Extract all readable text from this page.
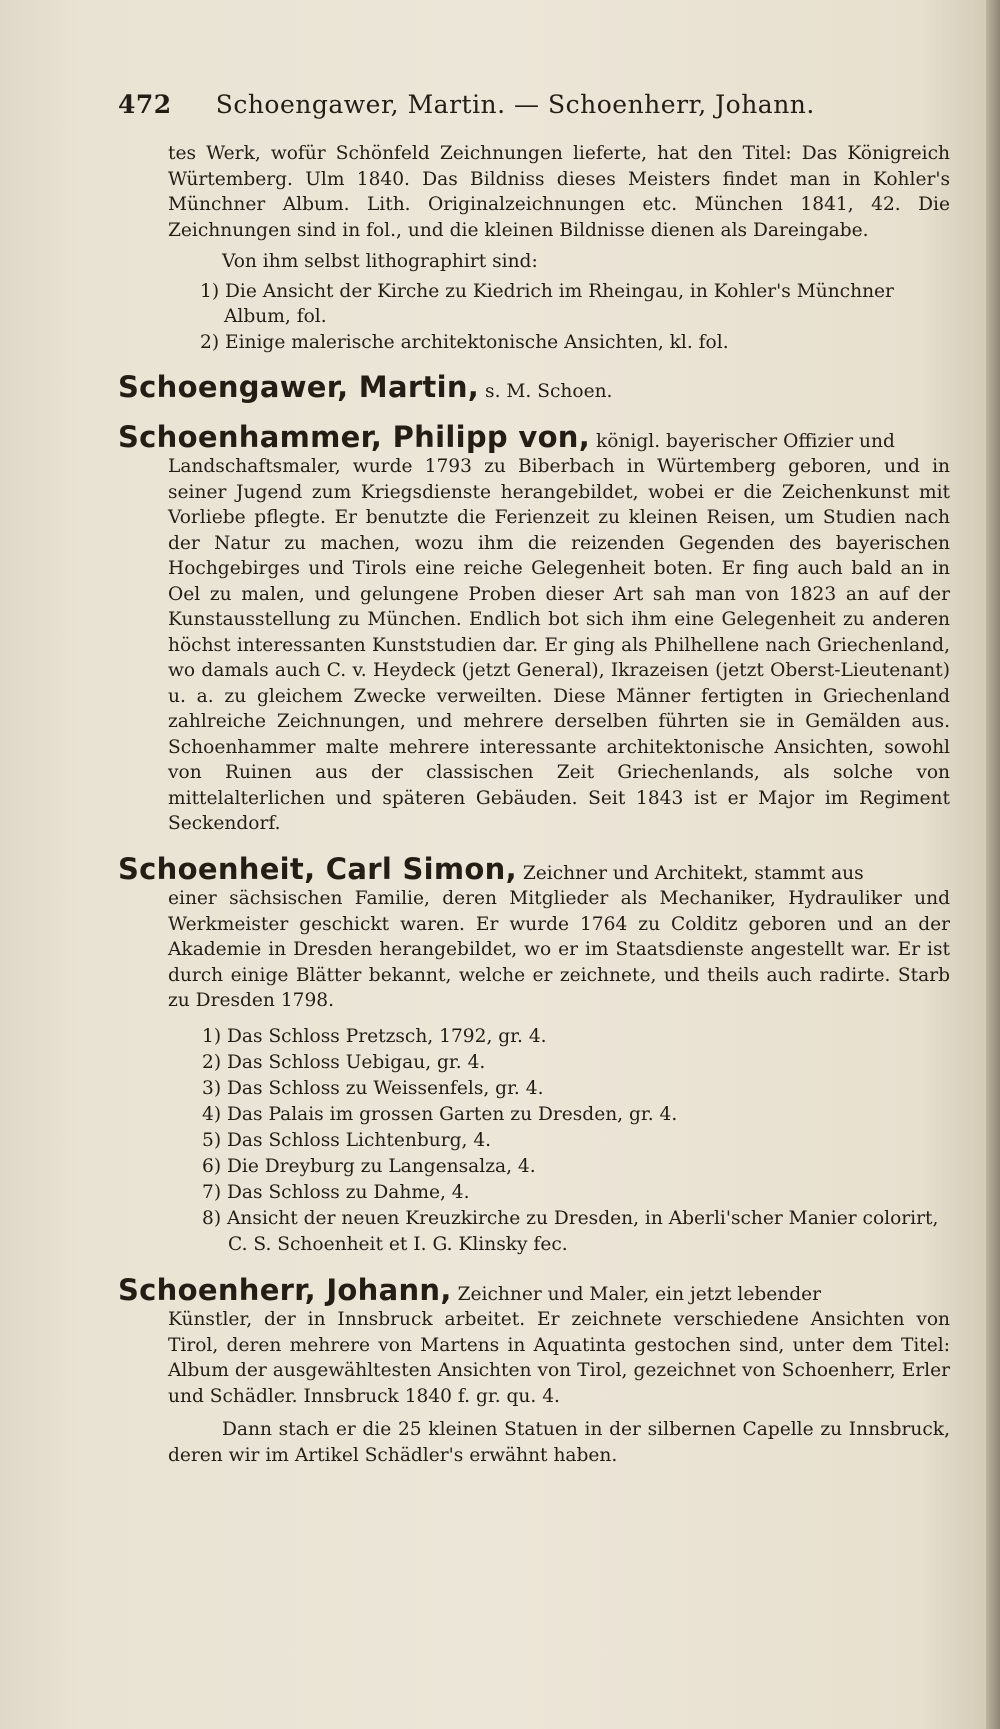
472 Schoengawer, Martin. — Schoenherr, Johann.

tes Werk, wofür Schönfeld Zeichnungen lieferte, hat den Titel: Das Königreich Würtemberg. Ulm 1840. Das Bildniss dieses Meisters findet man in Kohler's Münchner Album. Lith. Originalzeichnungen etc. München 1841, 42. Die Zeichnungen sind in fol., und die kleinen Bildnisse dienen als Dareingabe.

Von ihm selbst lithographirt sind:

1) Die Ansicht der Kirche zu Kiedrich im Rheingau, in Kohler's Münchner Album, fol.
2) Einige malerische architektonische Ansichten, kl. fol.
Schoengawer, Martin, s. M. Schoen.
Schoenhammer, Philipp von, königl. bayerischer Offizier und
Landschaftsmaler, wurde 1793 zu Biberbach in Würtemberg geboren, und in seiner Jugend zum Kriegsdienste herangebildet, wobei er die Zeichenkunst mit Vorliebe pflegte. Er benutzte die Ferienzeit zu kleinen Reisen, um Studien nach der Natur zu machen, wozu ihm die reizenden Gegenden des bayerischen Hochgebirges und Tirols eine reiche Gelegenheit boten. Er fing auch bald an in Oel zu malen, und gelungene Proben dieser Art sah man von 1823 an auf der Kunstausstellung zu München. Endlich bot sich ihm eine Gelegenheit zu anderen höchst interessanten Kunststudien dar. Er ging als Philhellene nach Griechenland, wo damals auch C. v. Heydeck (jetzt General), Ikrazeisen (jetzt Oberst-Lieutenant) u. a. zu gleichem Zwecke verweilten. Diese Männer fertigten in Griechenland zahlreiche Zeichnungen, und mehrere derselben führten sie in Gemälden aus. Schoenhammer malte mehrere interessante architektonische Ansichten, sowohl von Ruinen aus der classischen Zeit Griechenlands, als solche von mittelalterlichen und späteren Gebäuden. Seit 1843 ist er Major im Regiment Seckendorf.
Schoenheit, Carl Simon, Zeichner und Architekt, stammt aus
einer sächsischen Familie, deren Mitglieder als Mechaniker, Hydrauliker und Werkmeister geschickt waren. Er wurde 1764 zu Colditz geboren und an der Akademie in Dresden herangebildet, wo er im Staatsdienste angestellt war. Er ist durch einige Blätter bekannt, welche er zeichnete, und theils auch radirte. Starb zu Dresden 1798.
1) Das Schloss Pretzsch, 1792, gr. 4.
2) Das Schloss Uebigau, gr. 4.
3) Das Schloss zu Weissenfels, gr. 4.
4) Das Palais im grossen Garten zu Dresden, gr. 4.
5) Das Schloss Lichtenburg, 4.
6) Die Dreyburg zu Langensalza, 4.
7) Das Schloss zu Dahme, 4.
8) Ansicht der neuen Kreuzkirche zu Dresden, in Aberli'scher Manier colorirt, C. S. Schoenheit et I. G. Klinsky fec.
Schoenherr, Johann, Zeichner und Maler, ein jetzt lebender
Künstler, der in Innsbruck arbeitet. Er zeichnete verschiedene Ansichten von Tirol, deren mehrere von Martens in Aquatinta gestochen sind, unter dem Titel: Album der ausgewähltesten Ansichten von Tirol, gezeichnet von Schoenherr, Erler und Schädler. Innsbruck 1840 f. gr. qu. 4.

Dann stach er die 25 kleinen Statuen in der silbernen Capelle zu Innsbruck, deren wir im Artikel Schädler's erwähnt haben.
